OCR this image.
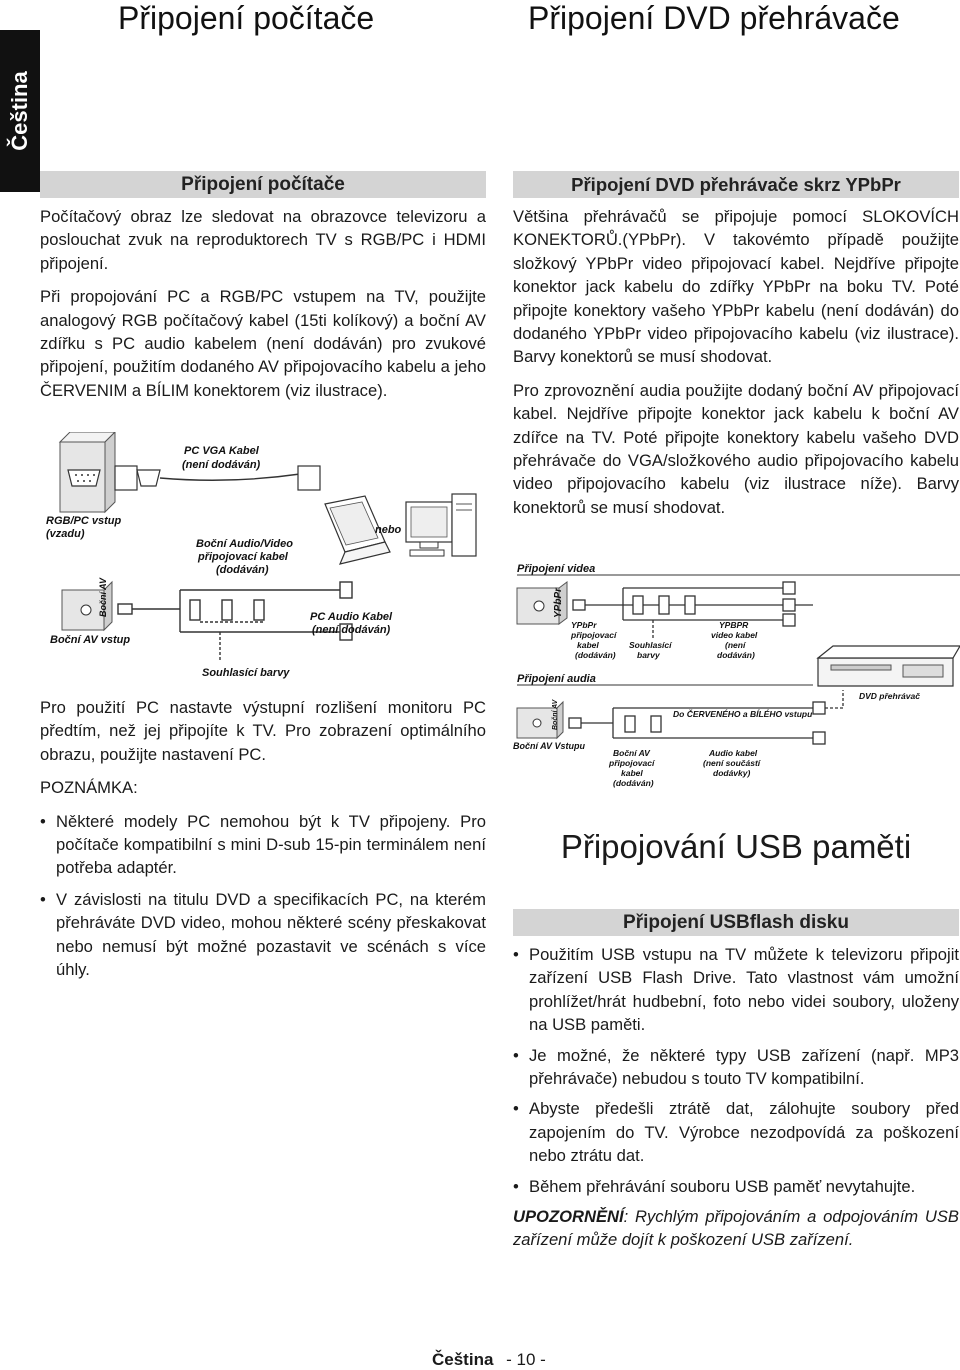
Připojení počítače	Připojení DVD přehrávače
Čeština
Připojení počítače

Počítačový obraz lze sledovat na obrazovce televizoru a poslouchat zvuk na reproduktorech TV s RGB/PC i HDMI připojení.

Při propojování PC a RGB/PC vstupem na TV, použijte analogový RGB počítačový kabel (15ti kolíkový) a boční AV zdířku s PC audio kabelem (není dodáván) pro zvukové připojení, použitím dodaného AV připojovacího kabelu a jeho ČERVENIM a BÍLIM konektorem (viz ilustrace).

PC VGA Kabel
(není dodáván)
RGB/PC vstup
(vzadu)
Boční Audio/Video
připojovací kabel
(dodáván)
nebo
Boční AV
Boční AV vstup
PC Audio Kabel
(není dodáván)
Souhlasící barvy

Pro použití PC nastavte výstupní rozlišení monitoru PC předtím, než jej připojíte k TV. Pro zobrazení optimálního obrazu, použijte nastavení PC.

POZNÁMKA:

• Některé modely PC nemohou být k TV připojeny. Pro počítače kompatibilní s mini D-sub 15-pin terminálem není potřeba adaptér.

• V závislosti na titulu DVD a specifikacích PC, na kterém přehráváte DVD video, mohou některé scény přeskakovat nebo nemusí být možné pozastavit ve scénách s více úhly.

Připojení DVD přehrávače skrz YPbPr

Většina přehrávačů se připojuje pomocí SLOKOVÍCH KONEKTORŮ.(YPbPr). V takovémto případě použijte složkový YPbPr video připojovací kabel. Nejdříve připojte konektor jack kabelu do zdířky YPbPr na boku TV. Poté připojte konektory vašeho YPbPr kabelu (není dodáván) do dodaného YPbPr video připojovacího kabelu (viz ilustrace). Barvy konektorů se musí shodovat.

Pro zprovoznění audia použijte dodaný boční AV připojovací kabel. Nejdříve připojte konektor jack kabelu k boční AV zdířce na TV. Poté připojte konektory kabelu vašeho DVD přehrávače do VGA/složkového audio připojovacího kabelu video připojovacího kabelu (viz ilustrace níže). Barvy konektorů se musí shodovat.

Připojení videa
YPbPr
YPbPr
připojovací
kabel
(dodáván)
Souhlasící
barvy
YPBPR
video kabel
(není
dodáván)
DVD přehrávač
Připojení audia
Boční AV	Do ČERVENÉHO a BÍLÉHO vstupu
Boční AV Vstupu
Boční AV
připojovací
kabel
(dodáván)
Audio kabel
(není součástí
dodávky)
Připojování USB paměti
Připojení USBflash disku

• Použitím USB vstupu na TV můžete k televizoru připojit zařízení USB Flash Drive. Tato vlastnost vám umožní prohlížet/hrát hudbební, foto nebo videi soubory, uloženy na USB paměti.

• Je možné, že některé typy USB zařízení (např. MP3 přehrávače) nebudou s touto TV kompatibilní.

• Abyste předešli ztrátě dat, zálohujte soubory před zapojením do TV. Výrobce nezodpovídá za poškození nebo ztrátu dat.

• Během přehrávání souboru USB paměť nevytahujte.

UPOZORNĚNÍ: Rychlým připojováním a odpojováním USB zařízení může dojít k poškození USB zařízení.

Čeština - 10 -
